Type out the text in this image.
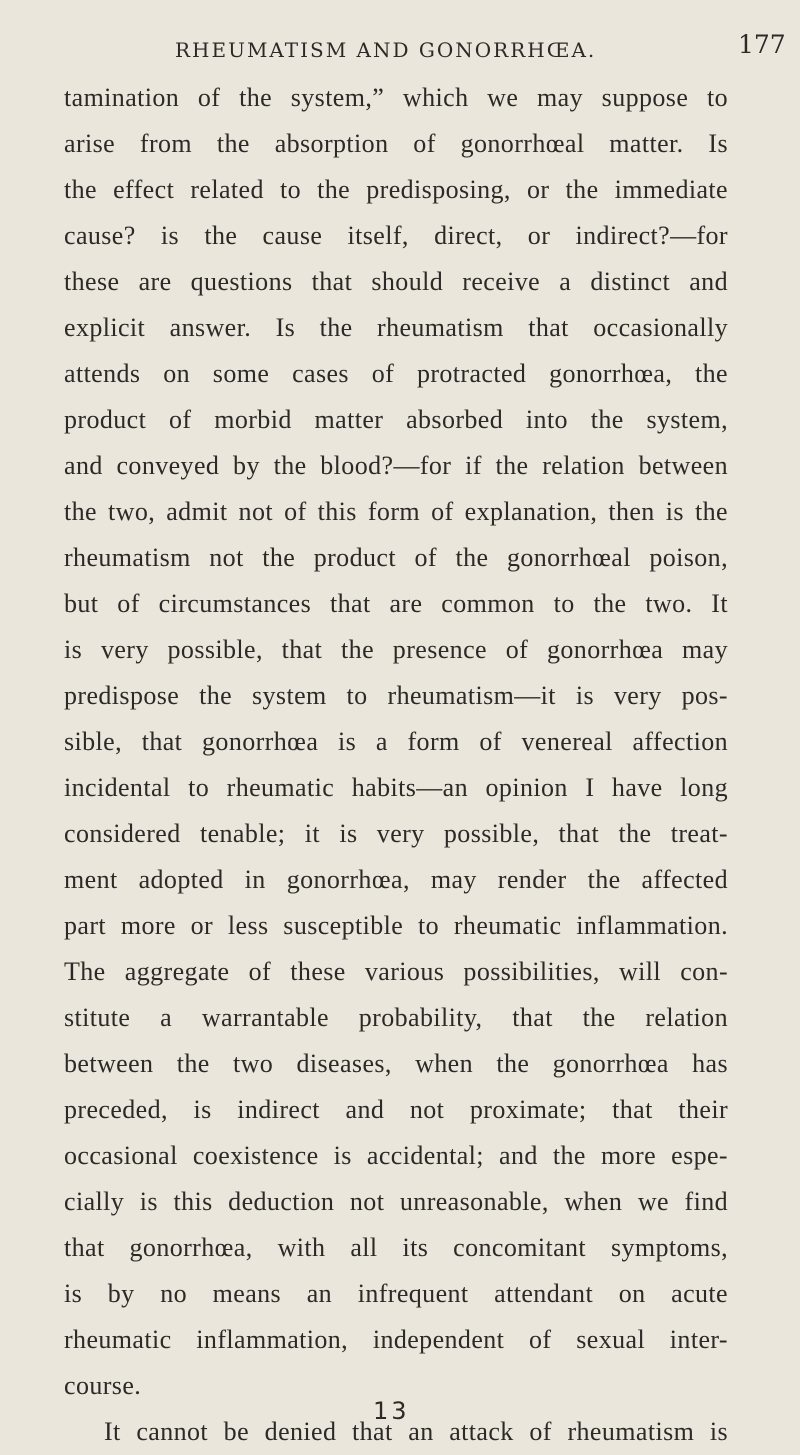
RHEUMATISM AND GONORRHŒA.	177
tamination of the system,” which we may suppose to
arise from the absorption of gonorrhœal matter. Is
the effect related to the predisposing, or the immediate
cause? is the cause itself, direct, or indirect?—for
these are questions that should receive a distinct and
explicit answer. Is the rheumatism that occasionally
attends on some cases of protracted gonorrhœa, the
product of morbid matter absorbed into the system,
and conveyed by the blood?—for if the relation between
the two, admit not of this form of explanation, then is the
rheumatism not the product of the gonorrhœal poison,
but of circumstances that are common to the two. It
is very possible, that the presence of gonorrhœa may
predispose the system to rheumatism—it is very pos-
sible, that gonorrhœa is a form of venereal affection
incidental to rheumatic habits—an opinion I have long
considered tenable; it is very possible, that the treat-
ment adopted in gonorrhœa, may render the affected
part more or less susceptible to rheumatic inflammation.
The aggregate of these various possibilities, will con-
stitute a warrantable probability, that the relation
between the two diseases, when the gonorrhœa has
preceded, is indirect and not proximate; that their
occasional coexistence is accidental; and the more espe-
cially is this deduction not unreasonable, when we find
that gonorrhœa, with all its concomitant symptoms,
is by no means an infrequent attendant on acute
rheumatic inflammation, independent of sexual inter-
course.
It cannot be denied that an attack of rheumatism is
13
